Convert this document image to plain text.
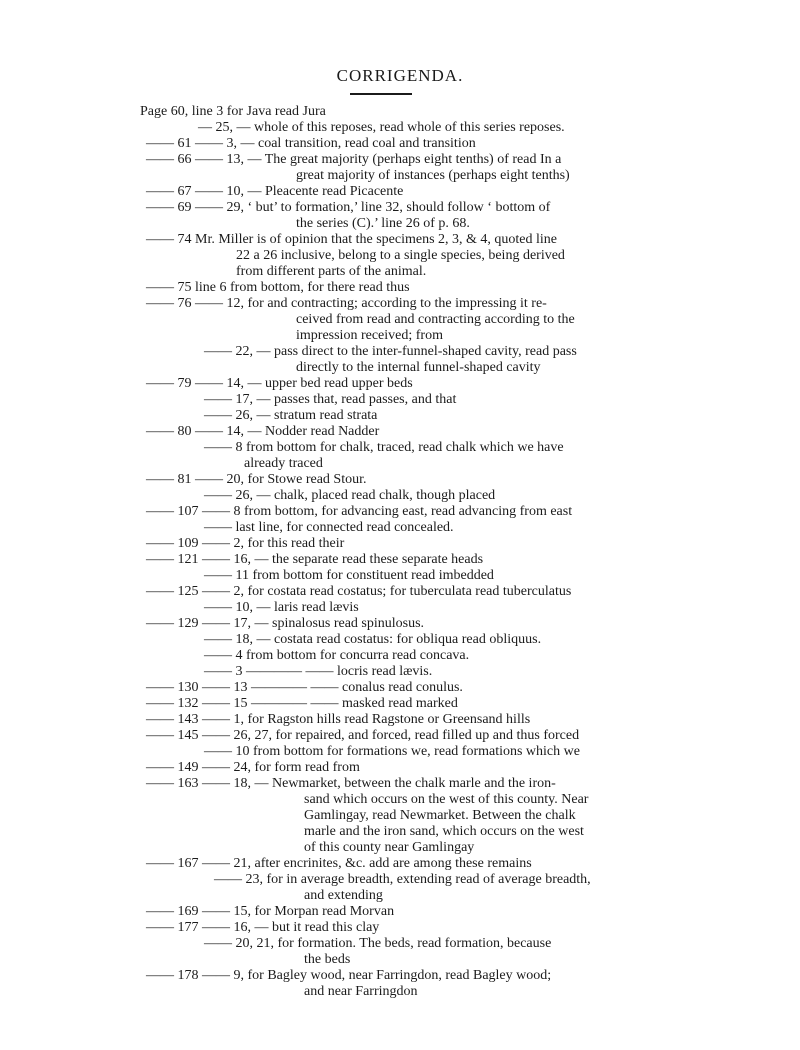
CORRIGENDA.
Page 60, line 3 for Java read Jura
— 25, — whole of this reposes, read whole of this series reposes.
—— 61 —— 3, — coal transition, read coal and transition
—— 66 —— 13, — The great majority (perhaps eight tenths) of read In a
great majority of instances (perhaps eight tenths)
—— 67 —— 10, — Pleacente read Picacente
—— 69 —— 29, ‘ but’ to formation,’ line 32, should follow ‘ bottom of
the series (C).’ line 26 of p. 68.
—— 74 Mr. Miller is of opinion that the specimens 2, 3, & 4, quoted line
22 a 26 inclusive, belong to a single species, being derived
from different parts of the animal.
—— 75 line 6 from bottom, for there read thus
—— 76 —— 12, for and contracting; according to the impressing it re-
ceived from read and contracting according to the
impression received; from
—— 22, — pass direct to the inter-funnel-shaped cavity, read pass
directly to the internal funnel-shaped cavity
—— 79 —— 14, — upper bed read upper beds
—— 17, — passes that, read passes, and that
—— 26, — stratum read strata
—— 80 —— 14, — Nodder read Nadder
—— 8 from bottom for chalk, traced, read chalk which we have
already traced
—— 81 —— 20, for Stowe read Stour.
—— 26, — chalk, placed read chalk, though placed
—— 107 —— 8 from bottom, for advancing east, read advancing from east
—— last line, for connected read concealed.
—— 109 —— 2, for this read their
—— 121 —— 16, — the separate read these separate heads
—— 11 from bottom for constituent read imbedded
—— 125 —— 2, for costata read costatus; for tuberculata read tuberculatus
—— 10, — laris read lævis
—— 129 —— 17, — spinalosus read spinulosus.
—— 18, — costata read costatus: for obliqua read obliquus.
—— 4 from bottom for concurra read concava.
—— 3 ———— —— locris read lævis.
—— 130 —— 13 ———— —— conalus read conulus.
—— 132 —— 15 ———— —— masked read marked
—— 143 —— 1, for Ragston hills read Ragstone or Greensand hills
—— 145 —— 26, 27, for repaired, and forced, read filled up and thus forced
—— 10 from bottom for formations we, read formations which we
—— 149 —— 24, for form read from
—— 163 —— 18, — Newmarket, between the chalk marle and the iron-
sand which occurs on the west of this county. Near
Gamlingay, read Newmarket. Between the chalk
marle and the iron sand, which occurs on the west
of this county near Gamlingay
—— 167 —— 21, after encrinites, &c. add are among these remains
—— 23, for in average breadth, extending read of average breadth,
and extending
—— 169 —— 15, for Morpan read Morvan
—— 177 —— 16, — but it read this clay
—— 20, 21, for formation. The beds, read formation, because
the beds
—— 178 —— 9, for Bagley wood, near Farringdon, read Bagley wood;
and near Farringdon
